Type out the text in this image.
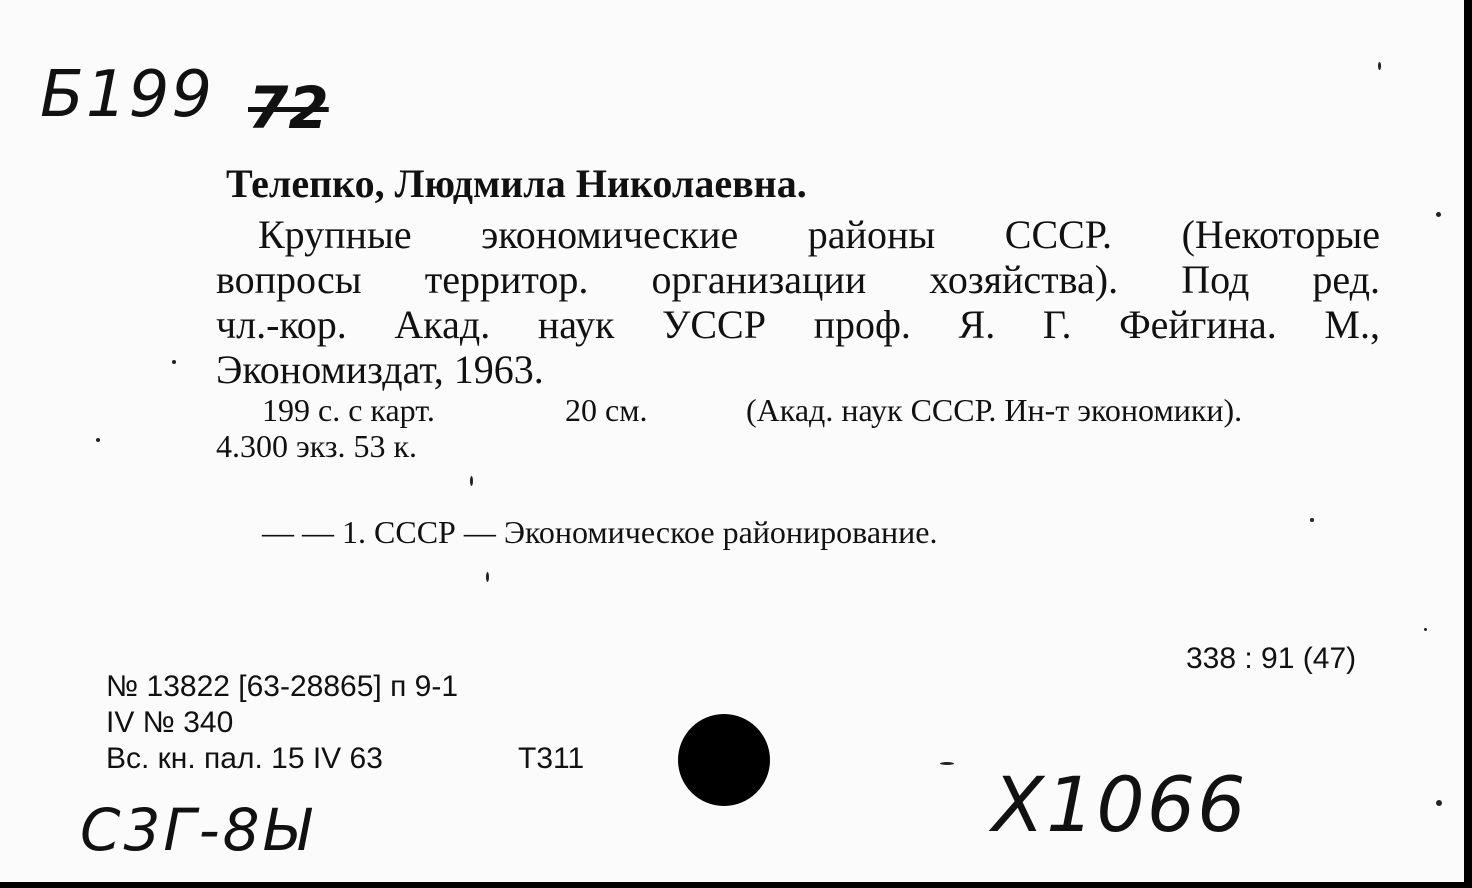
Б199 72

Телепко, Людмила Николаевна.

Крупные экономические районы СССР. (Некоторые

вопросы территор. организации хозяйства). Под ред.

чл.-кор. Акад. наук УССР проф. Я. Г. Фейгина. М.,

Экономиздат, 1963.

199 с. с карт.	20 см.	(Акад. наук СССР. Ин-т экономики).

4.300 экз. 53 к.

— — 1. СССР — Экономическое районирование.

338 : 91 (47)

№ 13822 [63-28865] п 9-1

IV № 340

Вс. кн. пал. 15 IV 63	Т311

С3Г-8Ы	Х1066
